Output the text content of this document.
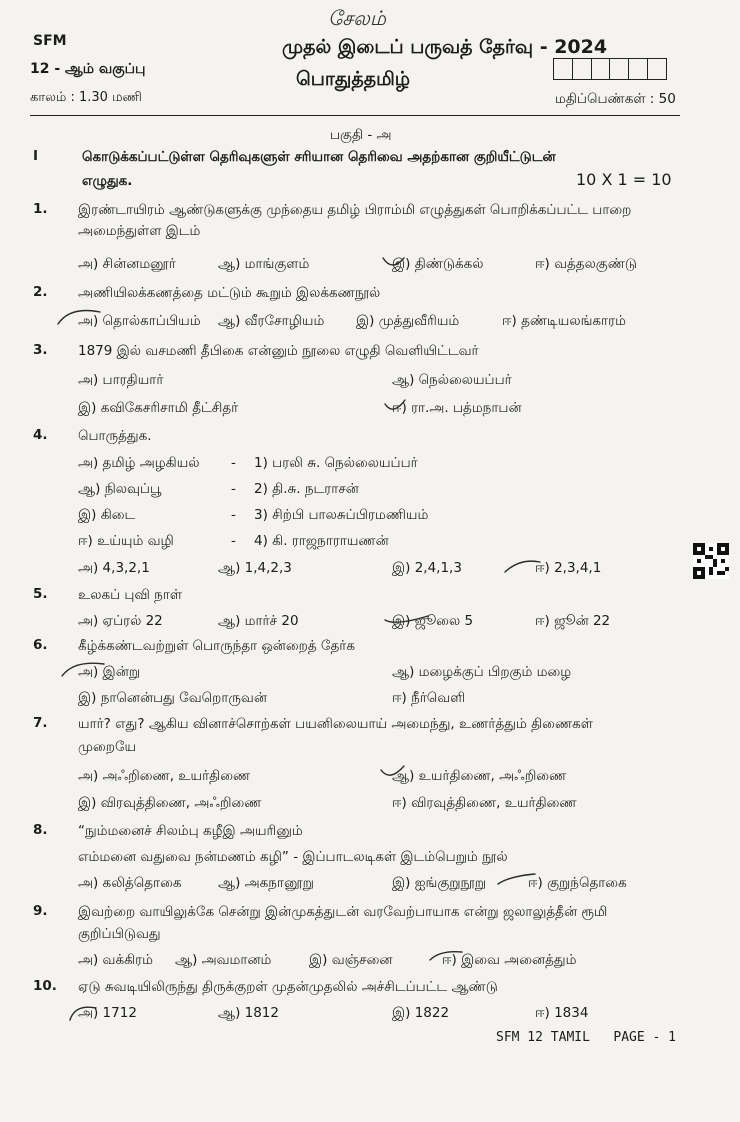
சேலம்
SFM	முதல் இடைப் பருவத் தேர்வு - 2024
12 - ஆம் வகுப்பு	பொதுத்தமிழ்
காலம் : 1.30 மணி	மதிப்பெண்கள் : 50
பகுதி - அ
I	கொடுக்கப்பட்டுள்ள தெரிவுகளுள் சரியான தெரிவை அதற்கான குறியீட்டுடன்
எழுதுக.	10 X 1 = 10
1. இரண்டாயிரம் ஆண்டுகளுக்கு முந்தைய தமிழ் பிராம்மி எழுத்துகள் பொறிக்கப்பட்ட பாறை
அமைந்துள்ள இடம்
அ) சின்னமனூர்	ஆ) மாங்குளம்	இ) திண்டுக்கல்	ஈ) வத்தலகுண்டு
2. அணியிலக்கணத்தை மட்டும் கூறும் இலக்கணநூல்
அ) தொல்காப்பியம் ஆ) வீரசோழியம் இ) முத்துவீரியம்	ஈ) தண்டியலங்காரம்
3. 1879 இல் வசமணி தீபிகை என்னும் நூலை எழுதி வெளியிட்டவர்
அ) பாரதியார்	ஆ) நெல்லையப்பர்
இ) கவிகேசரிசாமி தீட்சிதர்	ஈ) ரா.அ. பத்மநாபன்
4. பொருத்துக.
அ) தமிழ் அழகியல் - 1) பரலி சு. நெல்லையப்பர்
ஆ) நிலவுப்பூ	- 2) தி.சு. நடராசன்
இ) கிடை	- 3) சிற்பி பாலசுப்பிரமணியம்
ஈ) உய்யும் வழி	- 4) கி. ராஜநாராயணன்
அ) 4,3,2,1	ஆ) 1,4,2,3	இ) 2,4,1,3	ஈ) 2,3,4,1
5. உலகப் புவி நாள்
அ) ஏப்ரல் 22	ஆ) மார்ச் 20	இ) ஜூலை 5	ஈ) ஜூன் 22
6. கீழ்க்கண்டவற்றுள் பொருந்தா ஒன்றைத் தேர்க
அ) இன்று	ஆ) மழைக்குப் பிறகும் மழை
இ) நானென்பது வேறொருவன்	ஈ) நீர்வெளி
7. யார்? எது? ஆகிய வினாச்சொற்கள் பயனிலையாய் அமைந்து, உணர்த்தும் திணைகள்
முறையே
அ) அஃறிணை, உயர்திணை	ஆ) உயர்திணை, அஃறிணை
இ) விரவுத்திணை, அஃறிணை	ஈ) விரவுத்திணை, உயர்திணை
8. “நும்மனைச் சிலம்பு கழீஇ அயரினும்
எம்மனை வதுவை நன்மணம் கழி” - இப்பாடலடிகள் இடம்பெறும் நூல்
அ) கலித்தொகை	ஆ) அகநானூறு	இ) ஐங்குறுநூறு	ஈ) குறுந்தொகை
9. இவற்றை வாயிலுக்கே சென்று இன்முகத்துடன் வரவேற்பாயாக என்று ஜலாலுத்தீன் ரூமி
குறிப்பிடுவது
அ) வக்கிரம் ஆ) அவமானம்	இ) வஞ்சனை	ஈ) இவை அனைத்தும்
10. ஏடு சுவடியிலிருந்து திருக்குறள் முதன்முதலில் அச்சிடப்பட்ட ஆண்டு
அ) 1712	ஆ) 1812	இ) 1822	ஈ) 1834
SFM 12 TAMIL   PAGE - 1
